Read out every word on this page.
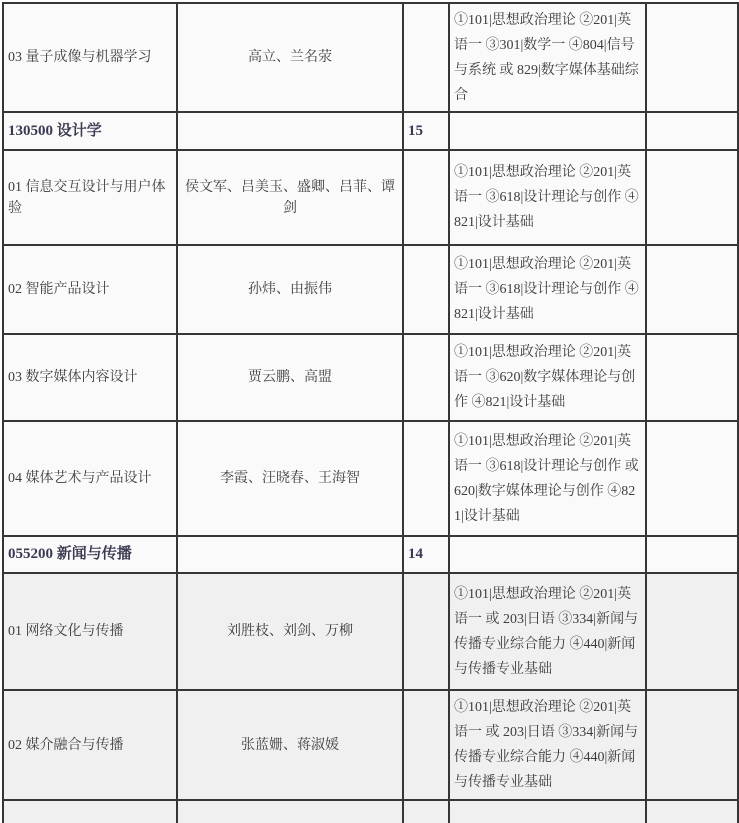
03 量子成像与机器学习	高立、兰名荥		①101|思想政治理论 ②201|英语一 ③301|数学一 ④804|信号与系统 或 829|数字媒体基础综合	
130500 设计学		15		
01 信息交互设计与用户体验	侯文军、吕美玉、盛卿、吕菲、谭剑		①101|思想政治理论 ②201|英语一 ③618|设计理论与创作 ④821|设计基础	
02 智能产品设计	孙炜、由振伟		①101|思想政治理论 ②201|英语一 ③618|设计理论与创作 ④821|设计基础	
03 数字媒体内容设计	贾云鹏、高盟		①101|思想政治理论 ②201|英语一 ③620|数字媒体理论与创作 ④821|设计基础	
04 媒体艺术与产品设计	李霞、汪晓春、王海智		①101|思想政治理论 ②201|英语一 ③618|设计理论与创作 或 620|数字媒体理论与创作 ④821|设计基础	
055200 新闻与传播		14		
01 网络文化与传播	刘胜枝、刘剑、万柳		①101|思想政治理论 ②201|英语一 或 203|日语 ③334|新闻与传播专业综合能力 ④440|新闻与传播专业基础	
02 媒介融合与传播	张蓝姗、蒋淑媛		①101|思想政治理论 ②201|英语一 或 203|日语 ③334|新闻与传播专业综合能力 ④440|新闻与传播专业基础	
